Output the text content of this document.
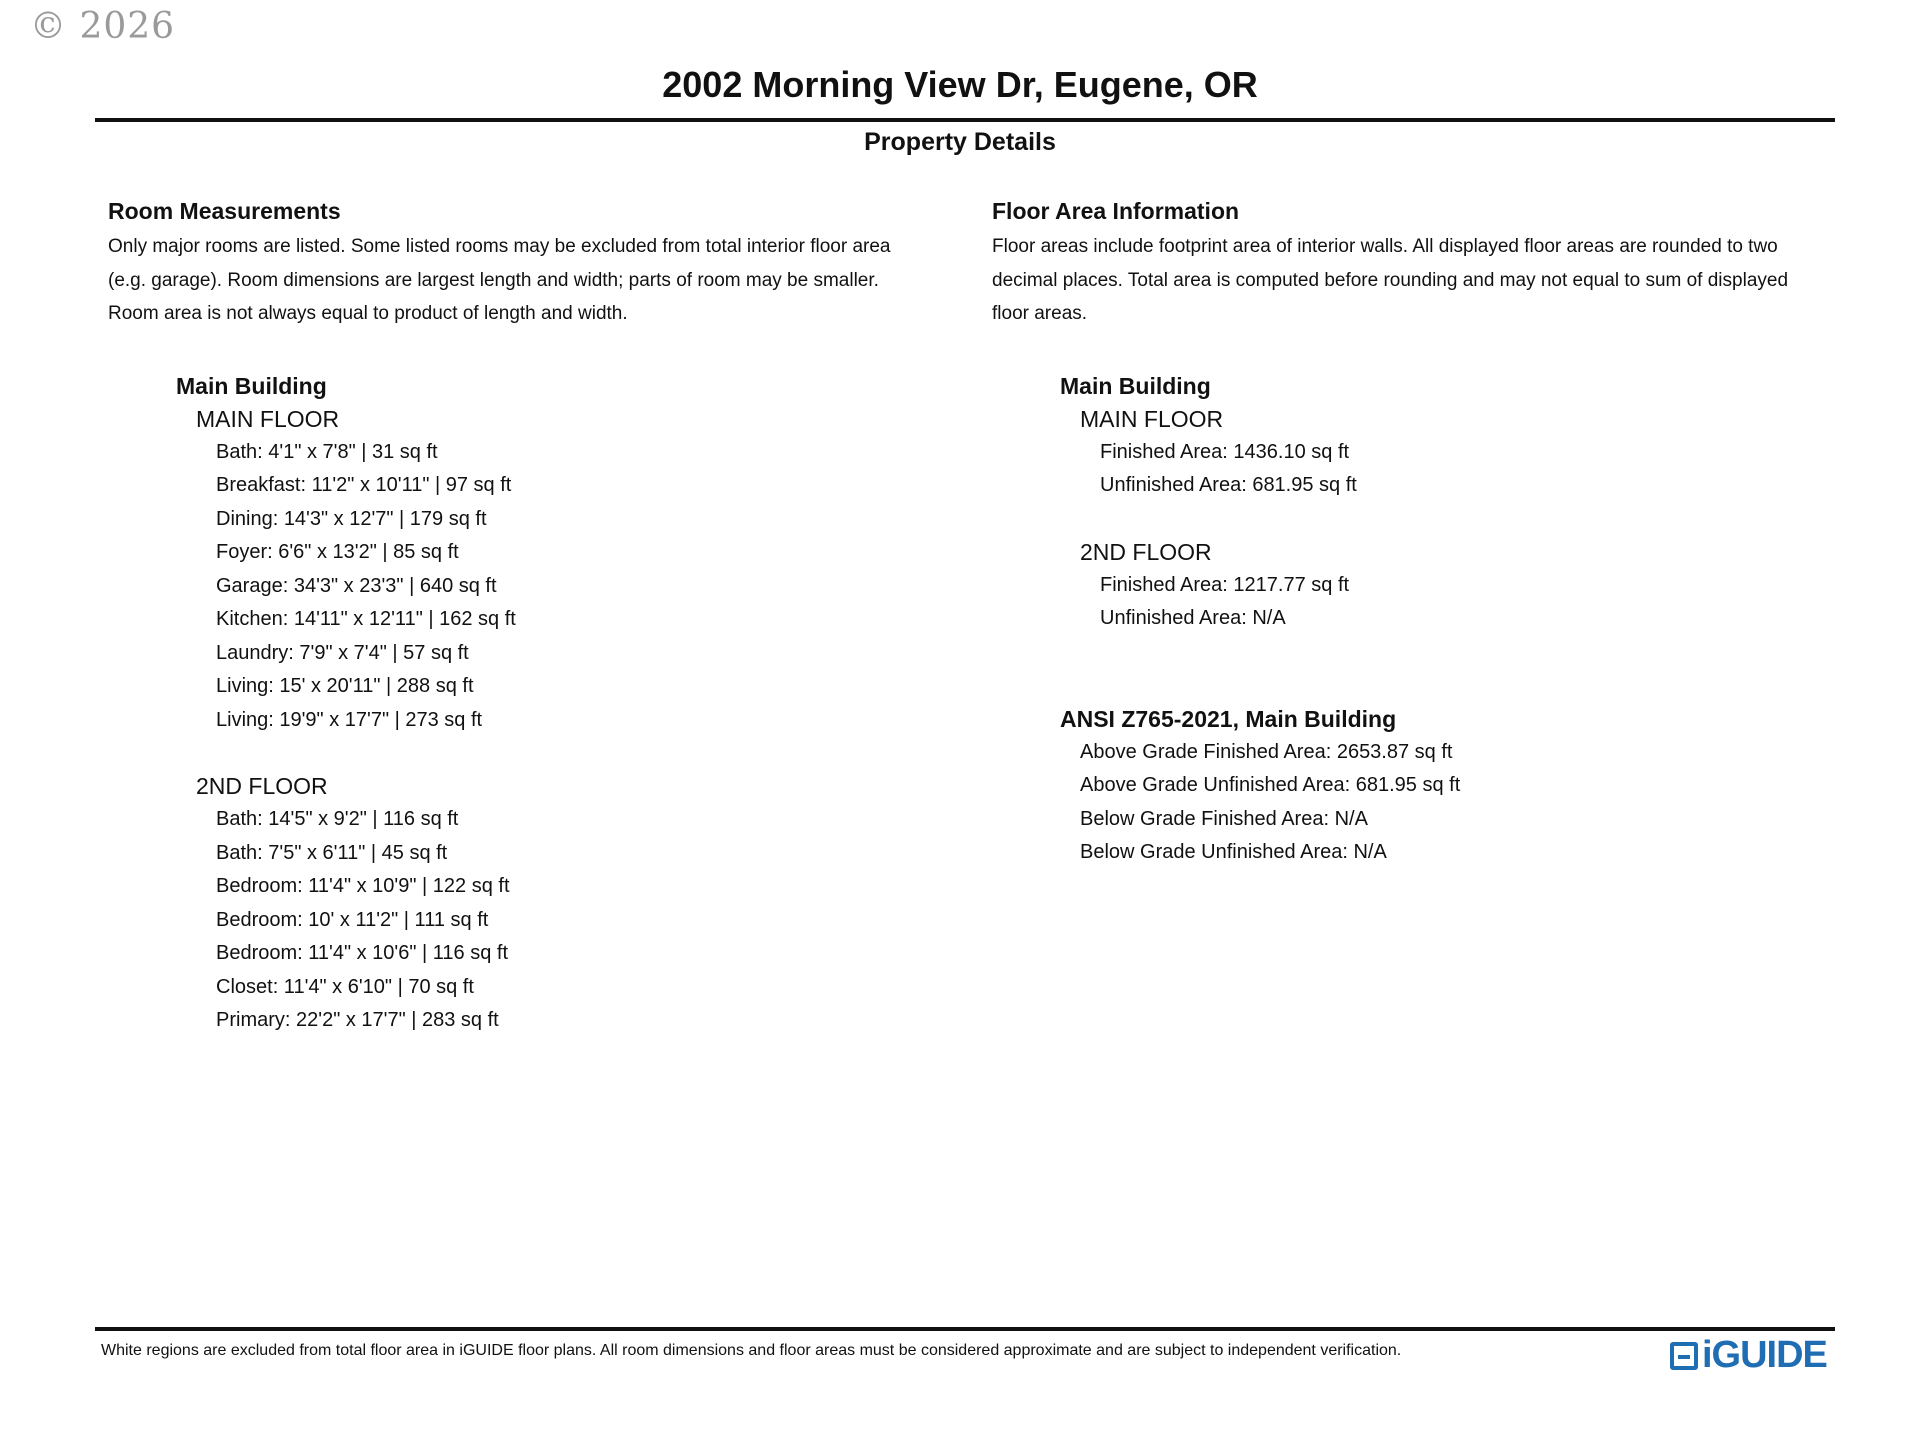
© 2026
2002 Morning View Dr, Eugene, OR
Property Details
Room Measurements

Only major rooms are listed. Some listed rooms may be excluded from total interior floor area
(e.g. garage). Room dimensions are largest length and width; parts of room may be smaller.
Room area is not always equal to product of length and width.

Main Building
MAIN FLOOR
Bath: 4'1" x 7'8" | 31 sq ft
Breakfast: 11'2" x 10'11" | 97 sq ft
Dining: 14'3" x 12'7" | 179 sq ft
Foyer: 6'6" x 13'2" | 85 sq ft
Garage: 34'3" x 23'3" | 640 sq ft
Kitchen: 14'11" x 12'11" | 162 sq ft
Laundry: 7'9" x 7'4" | 57 sq ft
Living: 15' x 20'11" | 288 sq ft
Living: 19'9" x 17'7" | 273 sq ft
2ND FLOOR
Bath: 14'5" x 9'2" | 116 sq ft
Bath: 7'5" x 6'11" | 45 sq ft
Bedroom: 11'4" x 10'9" | 122 sq ft
Bedroom: 10' x 11'2" | 111 sq ft
Bedroom: 11'4" x 10'6" | 116 sq ft
Closet: 11'4" x 6'10" | 70 sq ft
Primary: 22'2" x 17'7" | 283 sq ft
Floor Area Information

Floor areas include footprint area of interior walls. All displayed floor areas are rounded to two
decimal places. Total area is computed before rounding and may not equal to sum of displayed
floor areas.

Main Building
MAIN FLOOR
Finished Area: 1436.10 sq ft
Unfinished Area: 681.95 sq ft
2ND FLOOR
Finished Area: 1217.77 sq ft
Unfinished Area: N/A
ANSI Z765-2021, Main Building
Above Grade Finished Area: 2653.87 sq ft
Above Grade Unfinished Area: 681.95 sq ft
Below Grade Finished Area: N/A
Below Grade Unfinished Area: N/A
White regions are excluded from total floor area in iGUIDE floor plans. All room dimensions and floor areas must be considered approximate and are subject to independent verification.	iGUIDE
